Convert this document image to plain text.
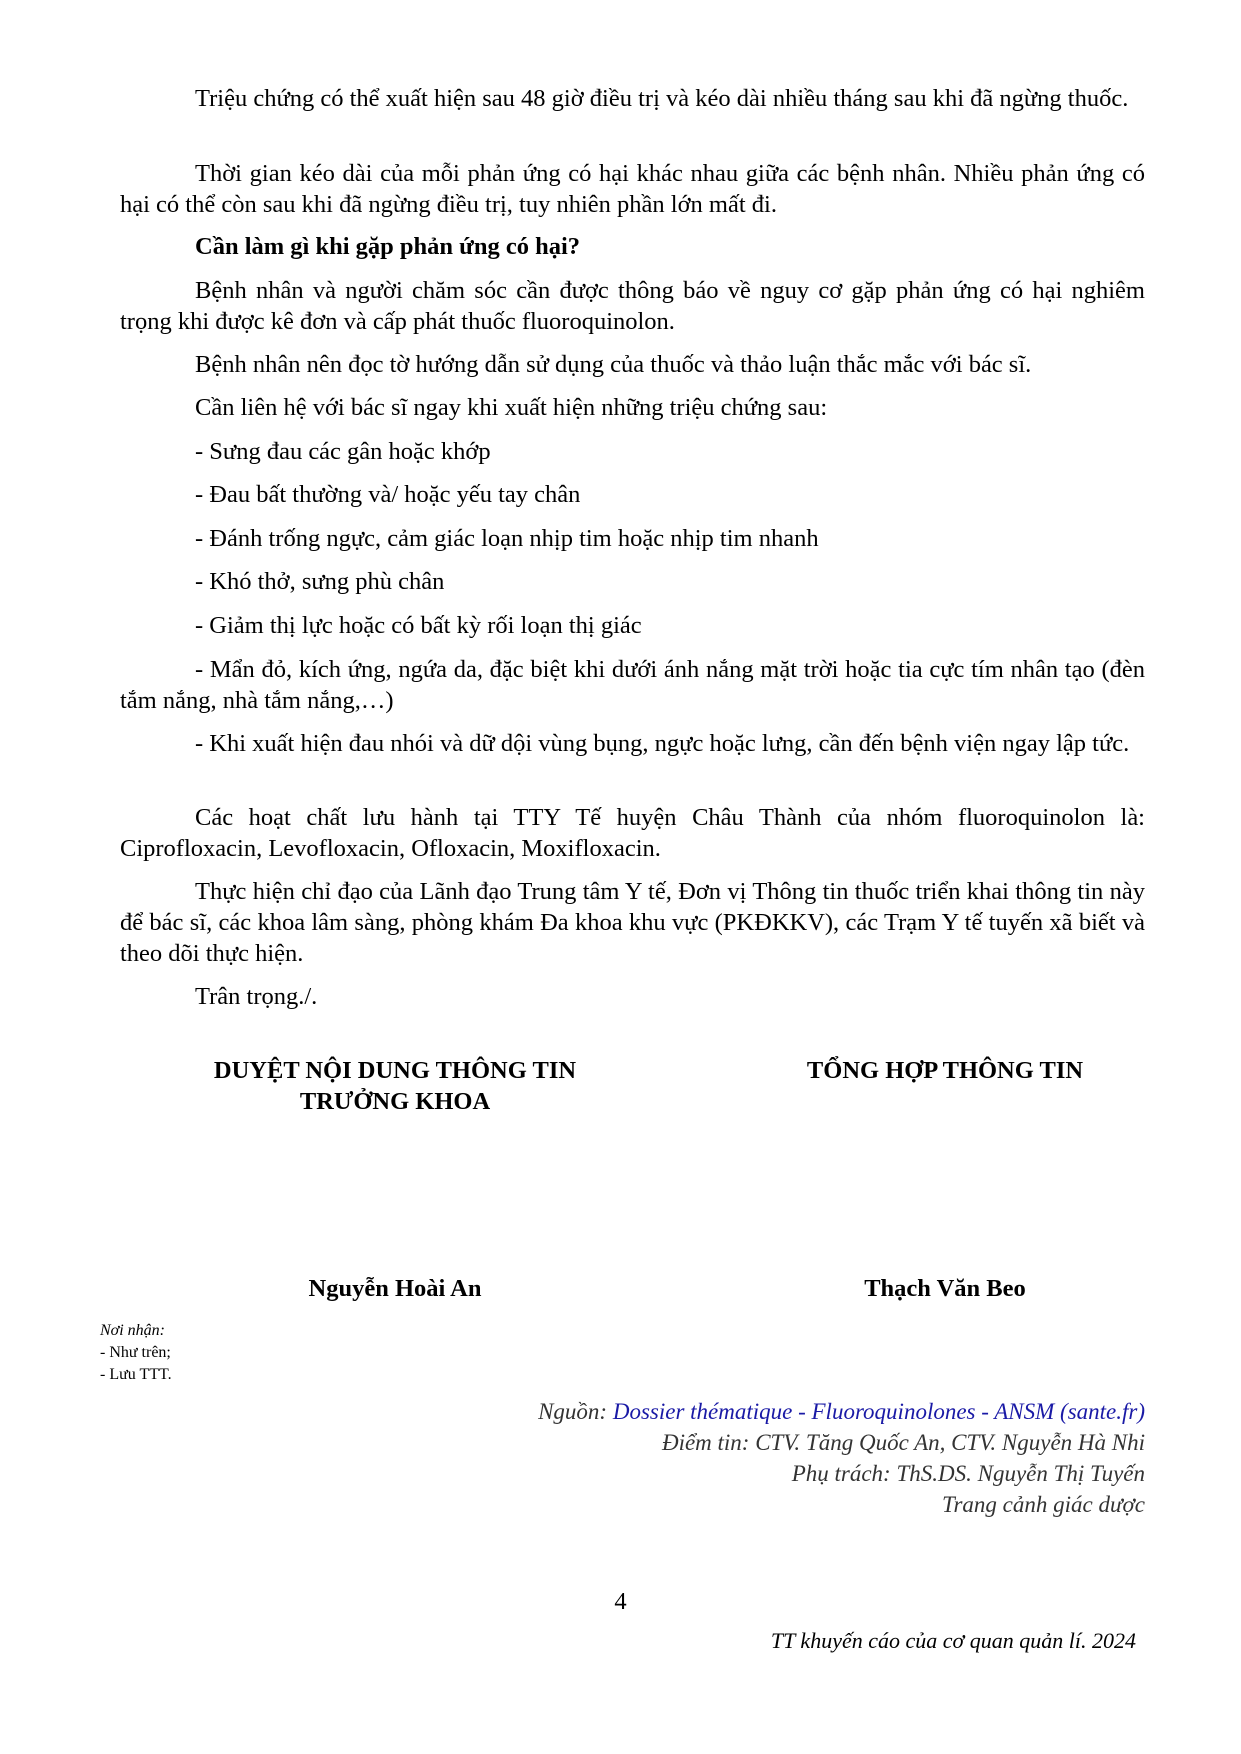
Triệu chứng có thể xuất hiện sau 48 giờ điều trị và kéo dài nhiều tháng sau khi đã ngừng thuốc.

Thời gian kéo dài của mỗi phản ứng có hại khác nhau giữa các bệnh nhân. Nhiều phản ứng có hại có thể còn sau khi đã ngừng điều trị, tuy nhiên phần lớn mất đi.

Cần làm gì khi gặp phản ứng có hại?

Bệnh nhân và người chăm sóc cần được thông báo về nguy cơ gặp phản ứng có hại nghiêm trọng khi được kê đơn và cấp phát thuốc fluoroquinolon.

Bệnh nhân nên đọc tờ hướng dẫn sử dụng của thuốc và thảo luận thắc mắc với bác sĩ.

Cần liên hệ với bác sĩ ngay khi xuất hiện những triệu chứng sau:

- Sưng đau các gân hoặc khớp

- Đau bất thường và/ hoặc yếu tay chân

- Đánh trống ngực, cảm giác loạn nhịp tim hoặc nhịp tim nhanh

- Khó thở, sưng phù chân

- Giảm thị lực hoặc có bất kỳ rối loạn thị giác

- Mẩn đỏ, kích ứng, ngứa da, đặc biệt khi dưới ánh nắng mặt trời hoặc tia cực tím nhân tạo (đèn tắm nắng, nhà tắm nắng,…)

- Khi xuất hiện đau nhói và dữ dội vùng bụng, ngực hoặc lưng, cần đến bệnh viện ngay lập tức.

Các hoạt chất lưu hành tại TTY Tế huyện Châu Thành của nhóm fluoroquinolon là: Ciprofloxacin, Levofloxacin, Ofloxacin, Moxifloxacin.

Thực hiện chỉ đạo của Lãnh đạo Trung tâm Y tế, Đơn vị Thông tin thuốc triển khai thông tin này để bác sĩ, các khoa lâm sàng, phòng khám Đa khoa khu vực (PKĐKKV), các Trạm Y tế tuyến xã biết và theo dõi thực hiện.

Trân trọng./.

DUYỆT NỘI DUNG THÔNG TIN

TRƯỞNG KHOA

TỔNG HỢP THÔNG TIN

Nguyễn Hoài An	Thạch Văn Beo

Nơi nhận:

- Như trên;

- Lưu TTT.

Nguồn: Dossier thématique - Fluoroquinolones - ANSM (sante.fr)

Điểm tin: CTV. Tăng Quốc An, CTV. Nguyễn Hà Nhi

Phụ trách: ThS.DS. Nguyễn Thị Tuyến

Trang cảnh giác dược

4

TT khuyến cáo của cơ quan quản lí. 2024
